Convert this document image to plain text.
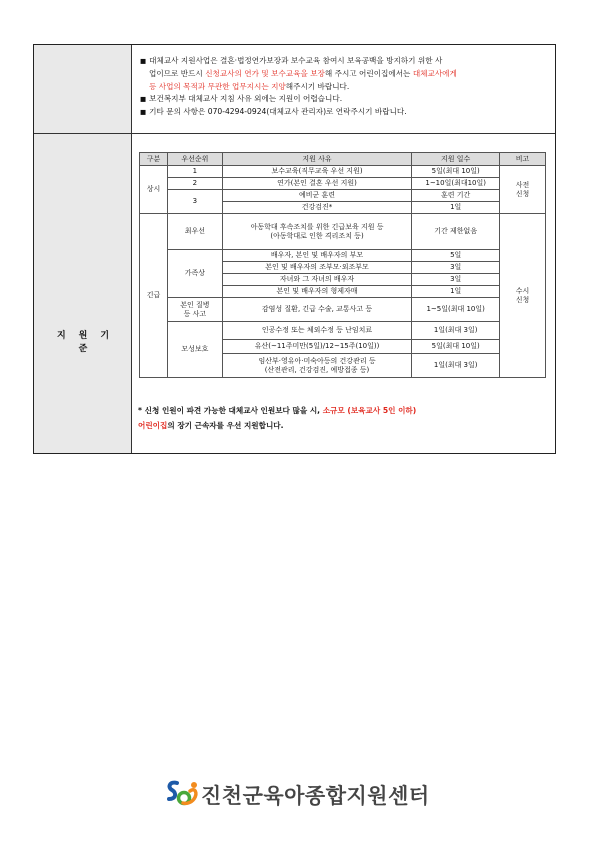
■ 대체교사 지원사업은 결혼·법정연가보장과 보수교육 참여시 보육공백을 방지하기 위한 사

업이므로 반드시 신청교사의 연가 및 보수교육을 보장해 주시고 어린이집에서는 대체교사에게

등 사업의 목적과 무관한 업무지시는 지양해주시기 바랍니다.

■ 보건복지부 대체교사 지침 사유 외에는 지원이 어렵습니다.

■ 기타 문의 사항은 070-4294-0924(대체교사 관리자)로 연락주시기 바랍니다.

지원기준
구분	우선순위	지원 사유	지원 일수	비고
상시	1	보수교육(직무교육 우선 지원)	5일(최대 10일)	사전
신청
	2	연가(본인 결혼 우선 지원)	1~10일(최대10일)	
	3	예비군 훈련	훈련 기간	
		건강검진*	1일	
긴급	최우선	아동학대 후속조치를 위한 긴급보육 지원 등
(아동학대로 인한 격리조치 등)	기간 제한없음	수시
신청
	가족상	배우자, 본인 및 배우자의 부모	5일	
		본인 및 배우자의 조부모·외조부모	3일	
		자녀와 그 자녀의 배우자	3일	
		본인 및 배우자의 형제자매	1일	
	본인 질병
등 사고	감염성 질환, 긴급 수술, 교통사고 등	1~5일(최대 10일)	
	모성보호	인공수정 또는 체외수정 등 난임치료	1일(최대 3일)	
		유산(~11주미만(5일)/12~15주(10일))	5일(최대 10일)	
		임산부·영유아·미숙아등의 건강관리 등
(산전관리, 건강검진, 예방접종 등)	1일(최대 3일)	
* 신청 인원이 파견 가능한 대체교사 인원보다 많을 시, 소규모 (보육교사 5인 이하)
어린이집의 장기 근속자를 우선 지원합니다.
진천군육아종합지원센터
